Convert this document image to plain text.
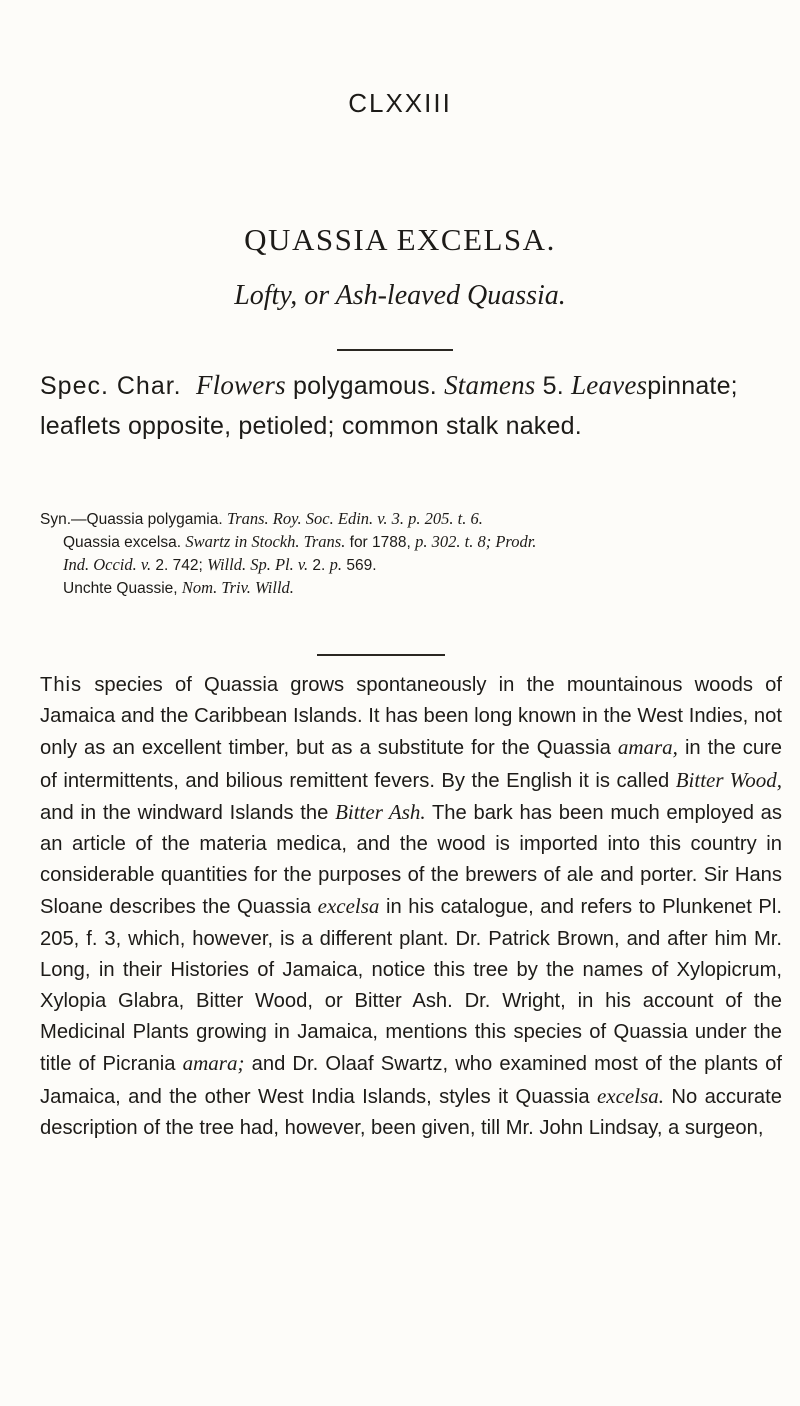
CLXXIII
QUASSIA EXCELSA.
Lofty, or Ash-leaved Quassia.
Spec. Char. Flowers polygamous. Stamens 5. Leavespinnate; leaflets opposite, petioled; common stalk naked.
Syn.—Quassia polygamia. Trans. Roy. Soc. Edin. v. 3. p. 205. t. 6.
Quassia excelsa. Swartz in Stockh. Trans. for 1788, p. 302. t. 8; Prodr.
Ind. Occid. v. 2. 742; Willd. Sp. Pl. v. 2. p. 569.
Unchte Quassie, Nom. Triv. Willd.
This species of Quassia grows spontaneously in the mountainous woods of Jamaica and the Caribbean Islands. It has been long known in the West Indies, not only as an excellent timber, but as a substitute for the Quassia amara, in the cure of intermittents, and bilious remittent fevers. By the English it is called Bitter Wood, and in the windward Islands the Bitter Ash. The bark has been much employed as an article of the materia medica, and the wood is imported into this country in considerable quantities for the purposes of the brewers of ale and porter. Sir Hans Sloane describes the Quassia excelsa in his catalogue, and refers to Plunkenet Pl. 205, f. 3, which, however, is a different plant. Dr. Patrick Brown, and after him Mr. Long, in their Histories of Jamaica, notice this tree by the names of Xylopicrum, Xylopia Glabra, Bitter Wood, or Bitter Ash. Dr. Wright, in his account of the Medicinal Plants growing in Jamaica, mentions this species of Quassia under the title of Picrania amara; and Dr. Olaaf Swartz, who examined most of the plants of Jamaica, and the other West India Islands, styles it Quassia excelsa. No accurate description of the tree had, however, been given, till Mr. John Lindsay, a surgeon,
